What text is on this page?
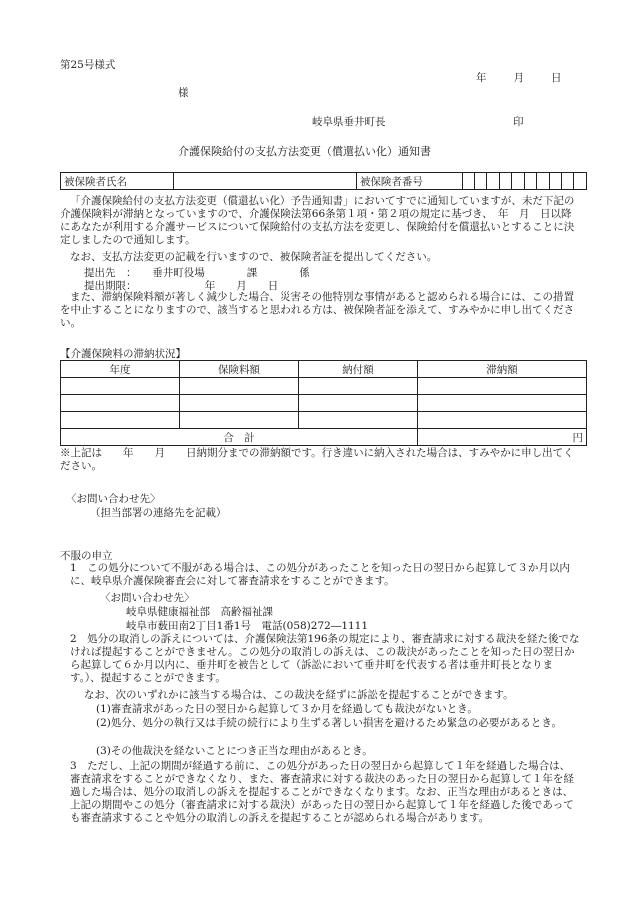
第25号様式
年　　月　　日
様
岐阜県垂井町長	印
介護保険給付の支払方法変更（償還払い化）通知書
被保険者氏名		被保険者番号										
「介護保険給付の支払方法変更（償還払い化）予告通知書」においてすでに通知していますが、未だ下記の介護保険料が滞納となっていますので、介護保険法第66条第１項・第２項の規定に基づき、　年　月　日以降にあなたが利用する介護サービスについて保険給付の支払方法を変更し、保険給付を償還払いとすることに決定しましたので通知します。
なお、支払方法変更の記載を行いますので、被保険者証を提出してください。
提出先　：　　垂井町役場　　　　課　　　　係
提出期限：　　　　　　　年　　月　　日
また、滞納保険料額が著しく減少した場合、災害その他特別な事情があると認められる場合には、この措置を中止することになりますので、該当すると思われる方は、被保険者証を添えて、すみやかに申し出てください。
【介護保険料の滞納状況】
年度	保険料額	納付額	滞納額

合　計			円
※上記は　　年　　月　　日納期分までの滞納額です。行き違いに納入された場合は、すみやかに申し出てください。
〈お問い合わせ先〉
（担当部署の連絡先を記載）
不服の申立
1　この処分について不服がある場合は、この処分があったことを知った日の翌日から起算して３か月以内に、岐阜県介護保険審査会に対して審査請求をすることができます。
〈お問い合わせ先〉
岐阜県健康福祉部　高齢福祉課
岐阜市薮田南2丁目1番1号　電話(058)272―1111
2　処分の取消しの訴えについては、介護保険法第196条の規定により、審査請求に対する裁決を経た後でなければ提起することができません。この処分の取消しの訴えは、この裁決があったことを知った日の翌日から起算して６か月以内に、垂井町を被告として（訴訟において垂井町を代表する者は垂井町長となります。）、提起することができます。
なお、次のいずれかに該当する場合は、この裁決を経ずに訴訟を提起することができます。
(1)審査請求があった日の翌日から起算して３か月を経過しても裁決がないとき。
(2)処分、処分の執行又は手続の続行により生ずる著しい損害を避けるため緊急の必要があるとき。
(3)その他裁決を経ないことにつき正当な理由があるとき。
3　ただし、上記の期間が経過する前に、この処分があった日の翌日から起算して１年を経過した場合は、審査請求をすることができなくなり、また、審査請求に対する裁決のあった日の翌日から起算して１年を経過した場合は、処分の取消しの訴えを提起することができなくなります。なお、正当な理由があるときは、上記の期間やこの処分（審査請求に対する裁決）があった日の翌日から起算して１年を経過した後であっても審査請求することや処分の取消しの訴えを提起することが認められる場合があります。
